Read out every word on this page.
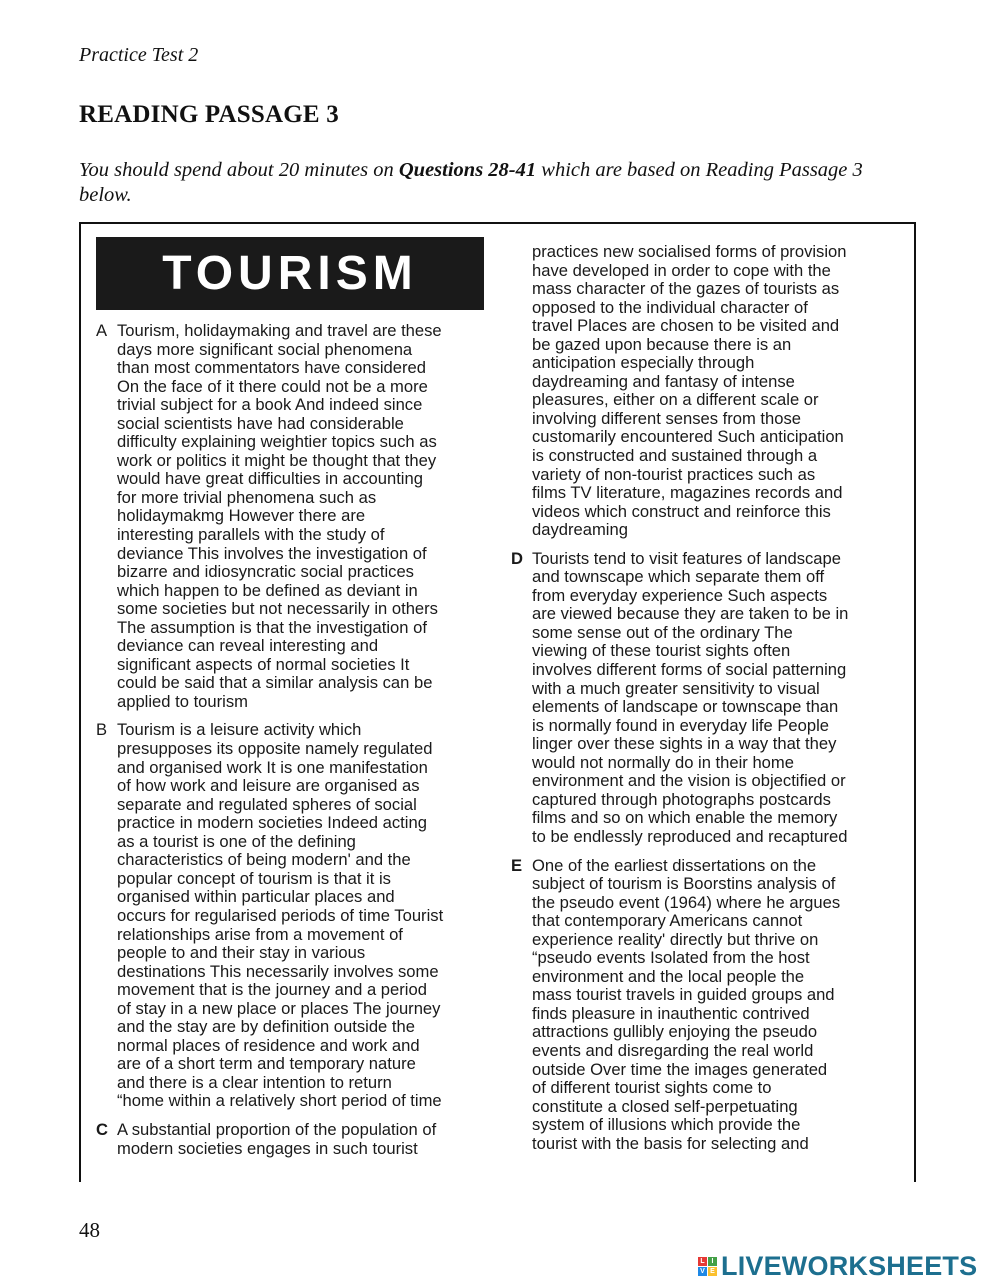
Practice Test 2
READING PASSAGE 3
You should spend about 20 minutes on Questions 28-41 which are based on Reading Passage 3 below.
TOURISM
A Tourism, holidaymaking and travel are these
days more significant social phenomena
than most commentators have considered
On the face of it there could not be a more
trivial subject for a book And indeed since
social scientists have had considerable
difficulty explaining weightier topics such as
work or politics it might be thought that they
would have great difficulties in accounting
for more trivial phenomena such as
holidaymakmg However there are
interesting parallels with the study of
deviance This involves the investigation of
bizarre and idiosyncratic social practices
which happen to be defined as deviant in
some societies but not necessarily in others
The assumption is that the investigation of
deviance can reveal interesting and
significant aspects of normal societies It
could be said that a similar analysis can be
applied to tourism
B Tourism is a leisure activity which
presupposes its opposite namely regulated
and organised work It is one manifestation
of how work and leisure are organised as
separate and regulated spheres of social
practice in modern societies Indeed acting
as a tourist is one of the defining
characteristics of being modern' and the
popular concept of tourism is that it is
organised within particular places and
occurs for regularised periods of time Tourist
relationships arise from a movement of
people to and their stay in various
destinations This necessarily involves some
movement that is the journey and a period
of stay in a new place or places The journey
and the stay are by definition outside the
normal places of residence and work and
are of a short term and temporary nature
and there is a clear intention to return
“home within a relatively short period of time
C A substantial proportion of the population of
modern societies engages in such tourist
practices new socialised forms of provision
have developed in order to cope with the
mass character of the gazes of tourists as
opposed to the individual character of
travel Places are chosen to be visited and
be gazed upon because there is an
anticipation especially through
daydreaming and fantasy of intense
pleasures, either on a different scale or
involving different senses from those
customarily encountered Such anticipation
is constructed and sustained through a
variety of non-tourist practices such as
films TV literature, magazines records and
videos which construct and reinforce this
daydreaming
D Tourists tend to visit features of landscape
and townscape which separate them off
from everyday experience Such aspects
are viewed because they are taken to be in
some sense out of the ordinary The
viewing of these tourist sights often
involves different forms of social patterning
with a much greater sensitivity to visual
elements of landscape or townscape than
is normally found in everyday life People
linger over these sights in a way that they
would not normally do in their home
environment and the vision is objectified or
captured through photographs postcards
films and so on which enable the memory
to be endlessly reproduced and recaptured
E One of the earliest dissertations on the
subject of tourism is Boorstins analysis of
the pseudo event (1964) where he argues
that contemporary Americans cannot
experience reality' directly but thrive on
“pseudo events Isolated from the host
environment and the local people the
mass tourist travels in guided groups and
finds pleasure in inauthentic contrived
attractions gullibly enjoying the pseudo
events and disregarding the real world
outside Over time the images generated
of different tourist sights come to
constitute a closed self-perpetuating
system of illusions which provide the
tourist with the basis for selecting and
48
L I
V E LIVEWORKSHEETS
